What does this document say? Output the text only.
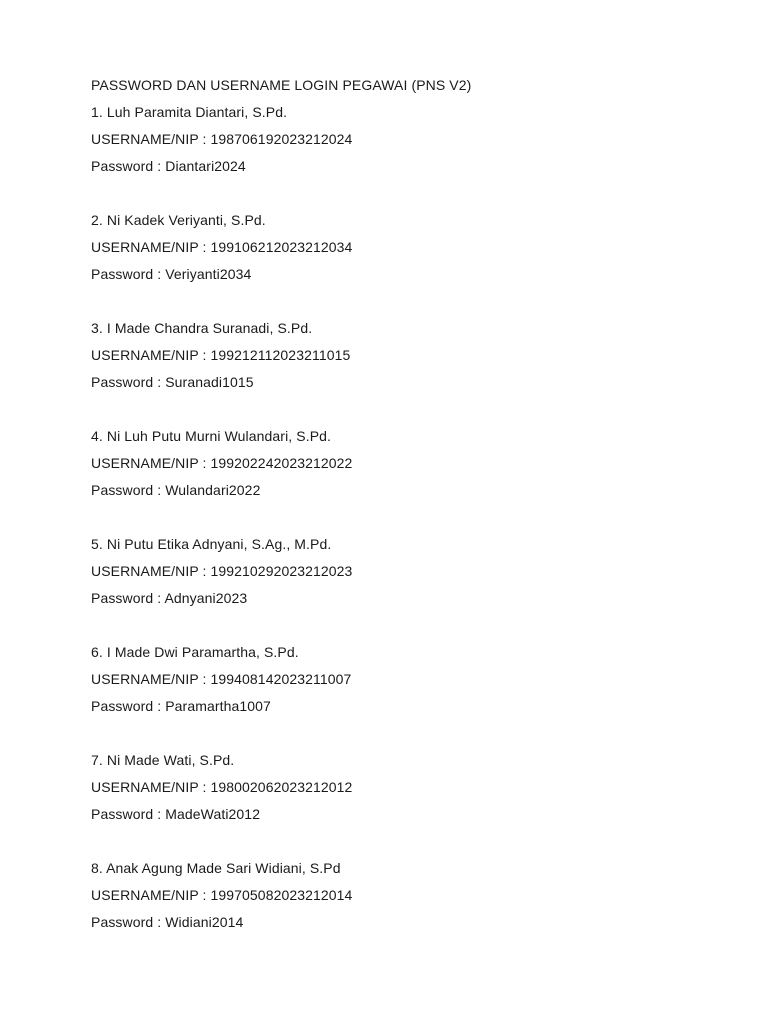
PASSWORD DAN USERNAME LOGIN PEGAWAI (PNS V2)
1. Luh Paramita Diantari, S.Pd.
USERNAME/NIP : 198706192023212024
Password : Diantari2024
2. Ni Kadek Veriyanti, S.Pd.
USERNAME/NIP : 199106212023212034
Password : Veriyanti2034
3. I Made Chandra Suranadi, S.Pd.
USERNAME/NIP : 199212112023211015
Password : Suranadi1015
4. Ni Luh Putu Murni Wulandari, S.Pd.
USERNAME/NIP : 199202242023212022
Password : Wulandari2022
5. Ni Putu Etika Adnyani, S.Ag., M.Pd.
USERNAME/NIP : 199210292023212023
Password : Adnyani2023
6. I Made Dwi Paramartha, S.Pd.
USERNAME/NIP : 199408142023211007
Password : Paramartha1007
7. Ni Made Wati, S.Pd.
USERNAME/NIP : 198002062023212012
Password : MadeWati2012
8. Anak Agung Made Sari Widiani, S.Pd
USERNAME/NIP : 199705082023212014
Password : Widiani2014
